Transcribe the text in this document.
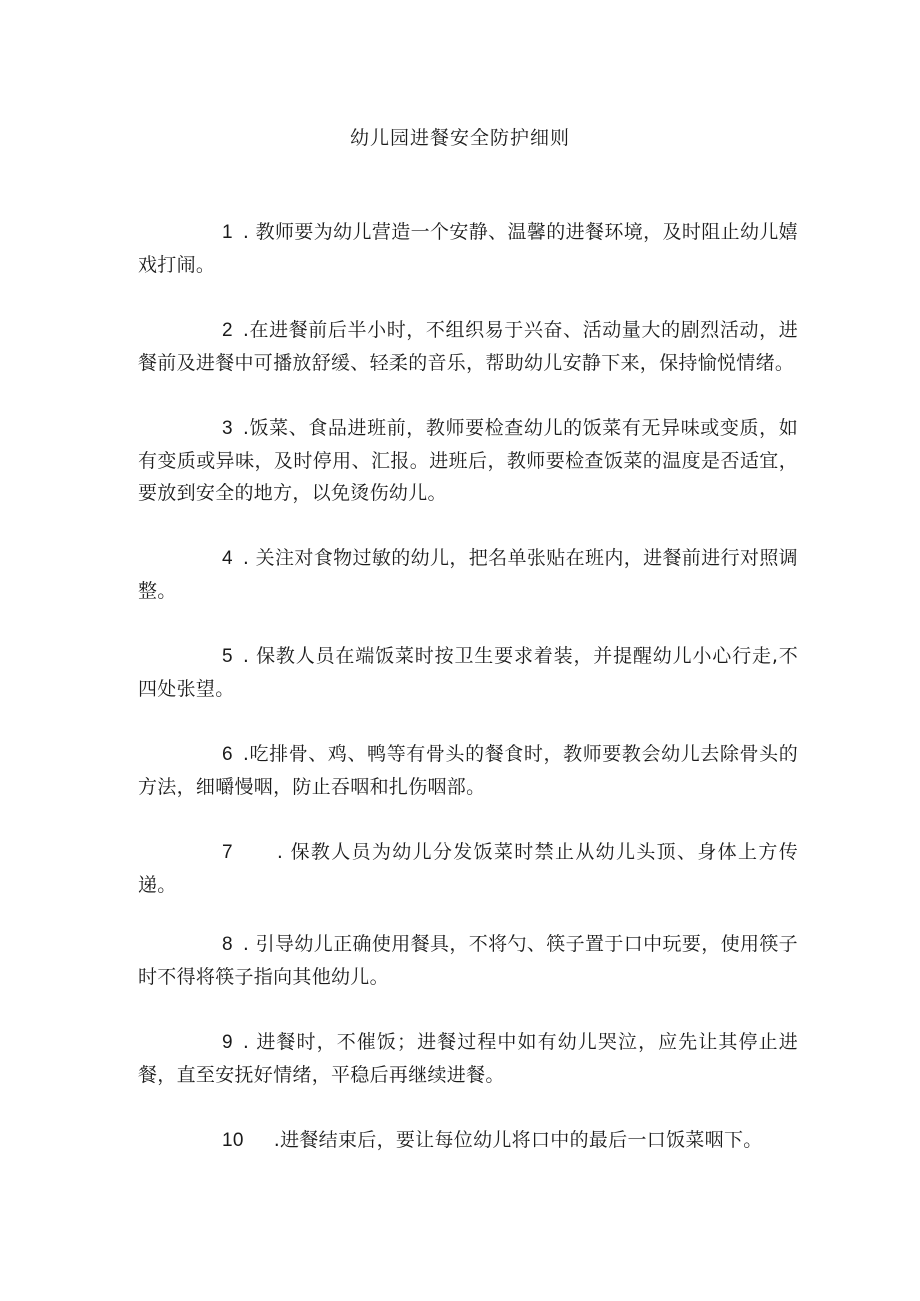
幼儿园进餐安全防护细则

1 . 教师要为幼儿营造一个安静、温馨的进餐环境，及时阻止幼儿嬉戏打闹。

2 .在进餐前后半小时，不组织易于兴奋、活动量大的剧烈活动，进餐前及进餐中可播放舒缓、轻柔的音乐，帮助幼儿安静下来，保持愉悦情绪。

3 .饭菜、食品进班前，教师要检查幼儿的饭菜有无异味或变质，如有变质或异味，及时停用、汇报。进班后，教师要检查饭菜的温度是否适宜，要放到安全的地方，以免烫伤幼儿。

4 . 关注对食物过敏的幼儿，把名单张贴在班内，进餐前进行对照调整。

5 . 保教人员在端饭菜时按卫生要求着装，并提醒幼儿小心行走,不四处张望。

6 .吃排骨、鸡、鸭等有骨头的餐食时，教师要教会幼儿去除骨头的方法，细嚼慢咽，防止吞咽和扎伤咽部。

7 . 保教人员为幼儿分发饭菜时禁止从幼儿头顶、身体上方传递。

8 . 引导幼儿正确使用餐具，不将勺、筷子置于口中玩要，使用筷子时不得将筷子指向其他幼儿。

9 . 进餐时，不催饭；进餐过程中如有幼儿哭泣，应先让其停止进餐，直至安抚好情绪，平稳后再继续进餐。

10 .进餐结束后，要让每位幼儿将口中的最后一口饭菜咽下。
